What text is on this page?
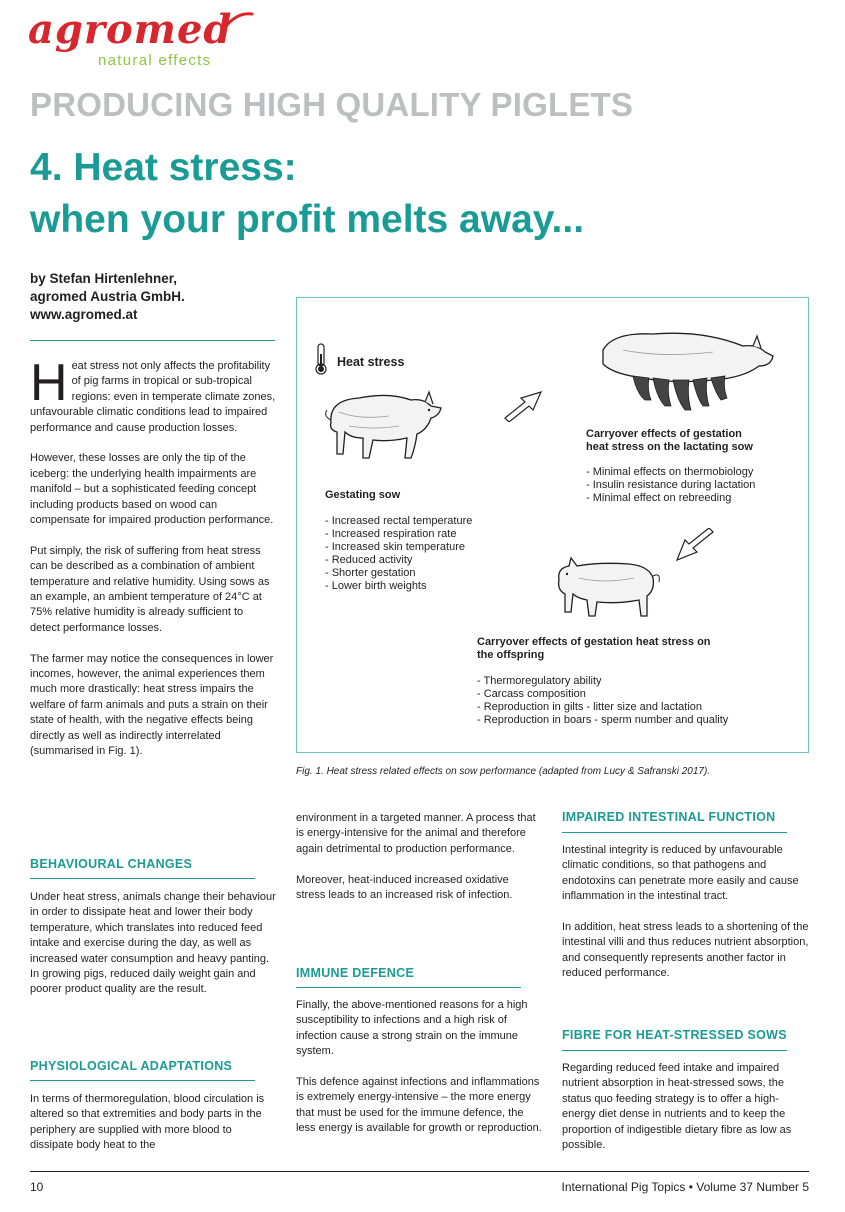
agromed
natural effects
PRODUCING HIGH QUALITY PIGLETS
4. Heat stress:
when your profit melts away...
by Stefan Hirtenlehner,
agromed Austria GmbH.
www.agromed.at

Heat stress not only affects the profitability of pig farms in tropical or sub-tropical regions: even in temperate climate zones, unfavourable climatic conditions lead to impaired performance and cause production losses.

However, these losses are only the tip of the iceberg: the underlying health impairments are manifold – but a sophisticated feeding concept including products based on wood can compensate for impaired production performance.

Put simply, the risk of suffering from heat stress can be described as a combination of ambient temperature and relative humidity. Using sows as an example, an ambient temperature of 24°C at 75% relative humidity is already sufficient to detect performance losses.

The farmer may notice the consequences in lower incomes, however, the animal experiences them much more drastically: heat stress impairs the welfare of farm animals and puts a strain on their state of health, with the negative effects being directly as well as indirectly interrelated (summarised in Fig. 1).

BEHAVIOURAL CHANGES

Under heat stress, animals change their behaviour in order to dissipate heat and lower their body temperature, which translates into reduced feed intake and exercise during the day, as well as increased water consumption and heavy panting. In growing pigs, reduced daily weight gain and poorer product quality are the result.

PHYSIOLOGICAL ADAPTATIONS

In terms of thermoregulation, blood circulation is altered so that extremities and body parts in the periphery are supplied with more blood to dissipate body heat to the

Heat stress
Carryover effects of gestation
heat stress on the lactating sow
- Minimal effects on thermobiology
- Insulin resistance during lactation
- Minimal effect on rebreeding
Gestating sow
- Increased rectal temperature
- Increased respiration rate
- Increased skin temperature
- Reduced activity
- Shorter gestation
- Lower birth weights
Carryover effects of gestation heat stress on
the offspring
- Thermoregulatory ability
- Carcass composition
- Reproduction in gilts - litter size and lactation
- Reproduction in boars - sperm number and quality
Fig. 1. Heat stress related effects on sow performance (adapted from Lucy & Safranski 2017).

environment in a targeted manner. A process that is energy-intensive for the animal and therefore again detrimental to production performance.

Moreover, heat-induced increased oxidative stress leads to an increased risk of infection.

IMMUNE DEFENCE

Finally, the above-mentioned reasons for a high susceptibility to infections and a high risk of infection cause a strong strain on the immune system.

This defence against infections and inflammations is extremely energy-intensive – the more energy that must be used for the immune defence, the less energy is available for growth or reproduction.

IMPAIRED INTESTINAL FUNCTION

Intestinal integrity is reduced by unfavourable climatic conditions, so that pathogens and endotoxins can penetrate more easily and cause inflammation in the intestinal tract.

In addition, heat stress leads to a shortening of the intestinal villi and thus reduces nutrient absorption, and consequently represents another factor in reduced performance.

FIBRE FOR HEAT-STRESSED SOWS

Regarding reduced feed intake and impaired nutrient absorption in heat-stressed sows, the status quo feeding strategy is to offer a high-energy diet dense in nutrients and to keep the proportion of indigestible dietary fibre as low as possible.

10	International Pig Topics • Volume 37 Number 5
